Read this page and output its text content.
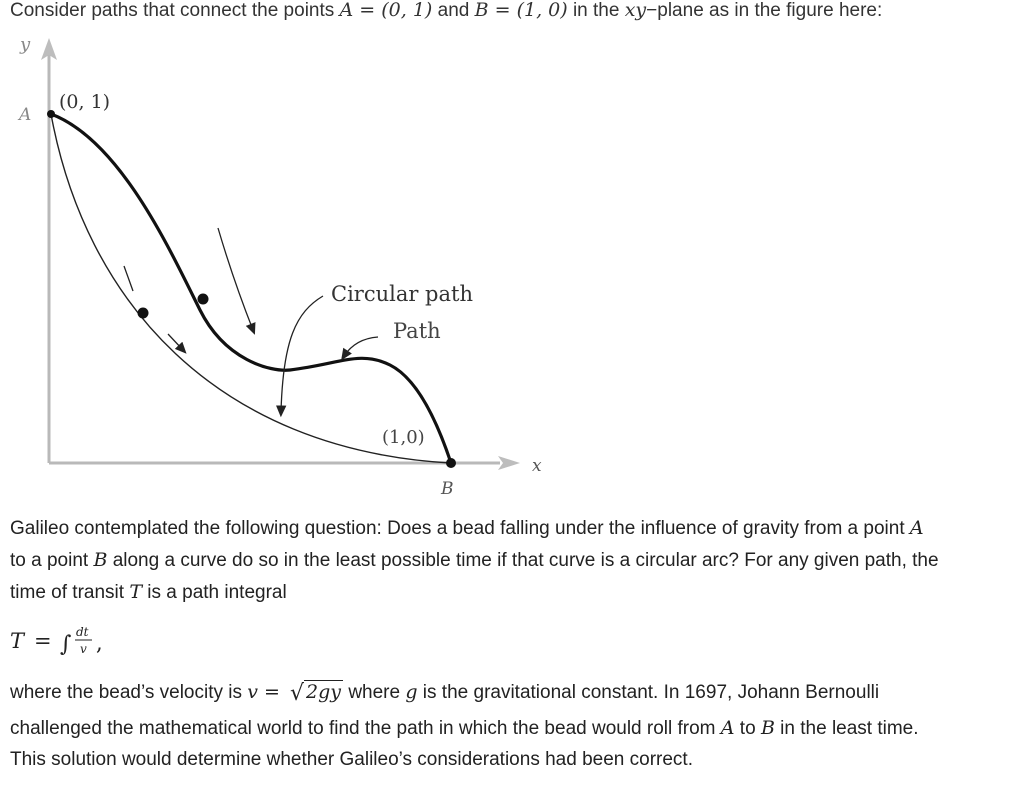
Consider paths that connect the points A = (0, 1) and B = (1, 0) in the xy−plane as in the figure here:

y
x
A
B
(0, 1)
(1,0)
Circular path
Path

Galileo contemplated the following question: Does a bead falling under the influence of gravity from a point A

to a point B along a curve do so in the least possible time if that curve is a circular arc? For any given path, the

time of transit T is a path integral

T = ∫ dt
v ,

where the bead’s velocity is v = √ 2gy where g is the gravitational constant. In 1697, Johann Bernoulli

challenged the mathematical world to find the path in which the bead would roll from A to B in the least time.

This solution would determine whether Galileo’s considerations had been correct.
